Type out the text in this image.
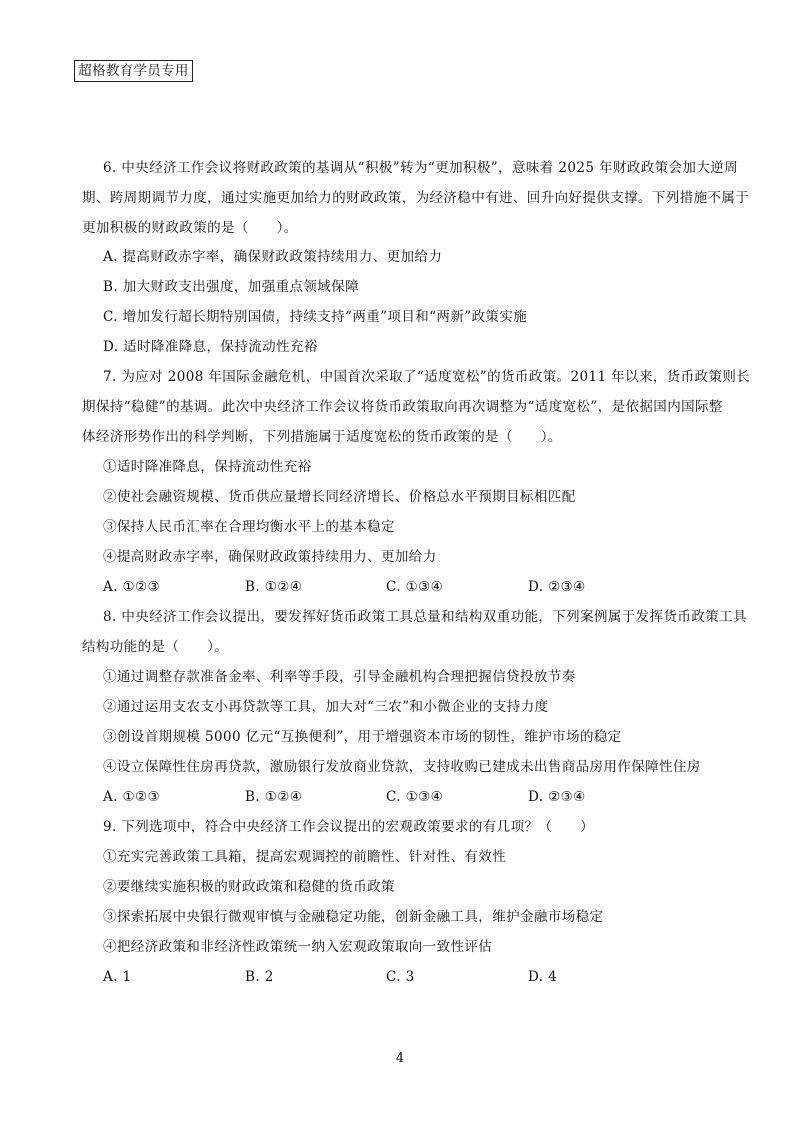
超格教育学员专用
6. 中央经济工作会议将财政政策的基调从“积极”转为“更加积极”，意味着 2025 年财政政策会加大逆周
期、跨周期调节力度，通过实施更加给力的财政政策，为经济稳中有进、回升向好提供支撑。下列措施不属于
更加积极的财政政策的是（　　）。
A. 提高财政赤字率，确保财政政策持续用力、更加给力
B. 加大财政支出强度，加强重点领域保障
C. 增加发行超长期特别国债，持续支持“两重”项目和“两新”政策实施
D. 适时降准降息，保持流动性充裕
7. 为应对 2008 年国际金融危机，中国首次采取了“适度宽松”的货币政策。2011 年以来，货币政策则长
期保持“稳健”的基调。此次中央经济工作会议将货币政策取向再次调整为“适度宽松”，是依据国内国际整
体经济形势作出的科学判断，下列措施属于适度宽松的货币政策的是（　　）。
①适时降准降息，保持流动性充裕
②使社会融资规模、货币供应量增长同经济增长、价格总水平预期目标相匹配
③保持人民币汇率在合理均衡水平上的基本稳定
④提高财政赤字率，确保财政政策持续用力、更加给力
A. ①②③	B. ①②④	C. ①③④	D. ②③④
8. 中央经济工作会议提出，要发挥好货币政策工具总量和结构双重功能，下列案例属于发挥货币政策工具
结构功能的是（　　）。
①通过调整存款准备金率、利率等手段，引导金融机构合理把握信贷投放节奏
②通过运用支农支小再贷款等工具，加大对“三农”和小微企业的支持力度
③创设首期规模 5000 亿元“互换便利”，用于增强资本市场的韧性，维护市场的稳定
④设立保障性住房再贷款，激励银行发放商业贷款，支持收购已建成未出售商品房用作保障性住房
A. ①②③	B. ①②④	C. ①③④	D. ②③④
9. 下列选项中，符合中央经济工作会议提出的宏观政策要求的有几项？（　　）
①充实完善政策工具箱，提高宏观调控的前瞻性、针对性、有效性
②要继续实施积极的财政政策和稳健的货币政策
③探索拓展中央银行微观审慎与金融稳定功能，创新金融工具，维护金融市场稳定
④把经济政策和非经济性政策统一纳入宏观政策取向一致性评估
A. 1	B. 2	C. 3	D. 4
4
